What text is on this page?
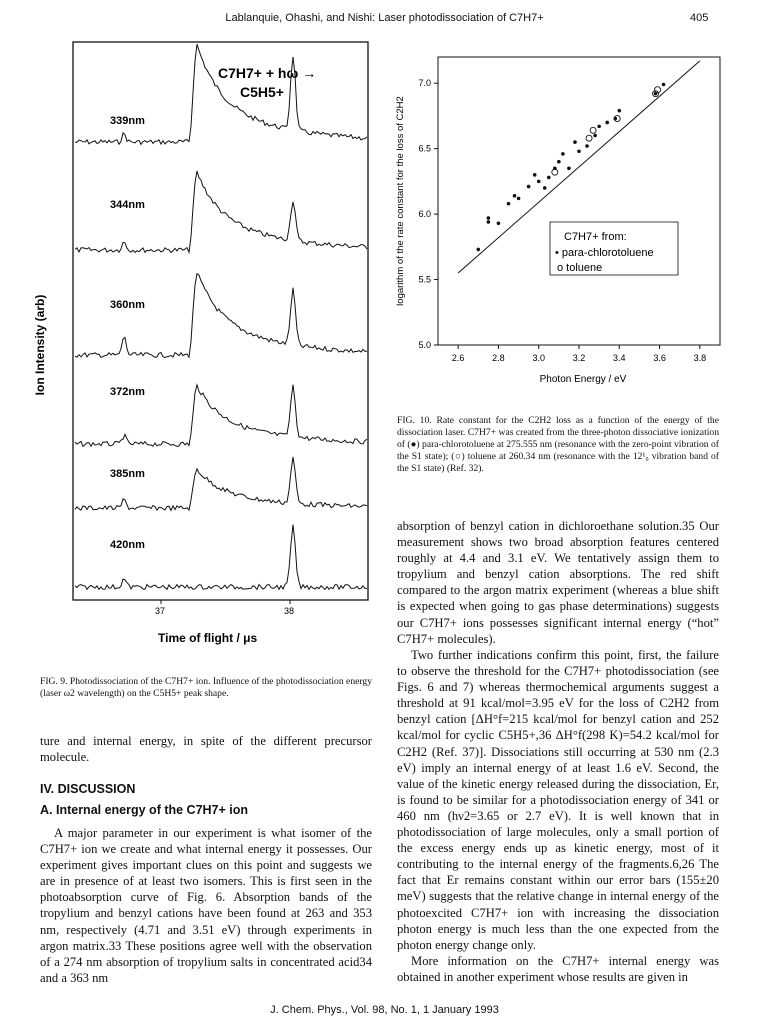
Lablanquie, Ohashi, and Nishi: Laser photodissociation of C7H7+	405
C7H7+ + hω →
C5H5+
339nm
344nm
360nm
372nm
385nm
420nm
37	38
Time of flight / μs
Ion Intensity (arb)

FIG. 9. Photodissociation of the C7H7+ ion. Influence of the photodissociation energy (laser ω2 wavelength) on the C5H5+ peak shape.

ture and internal energy, in spite of the different precursor molecule.

IV. DISCUSSION
A. Internal energy of the C7H7+ ion

A major parameter in our experiment is what isomer of the C7H7+ ion we create and what internal energy it possesses. Our experiment gives important clues on this point and suggests we are in presence of at least two isomers. This is first seen in the photoabsorption curve of Fig. 6. Absorption bands of the tropylium and benzyl cations have been found at 263 and 353 nm, respectively (4.71 and 3.51 eV) through experiments in argon matrix.33 These positions agree well with the observation of a 274 nm absorption of tropylium salts in concentrated acid34 and a 363 nm

5.0
5.5
6.0
6.5
7.0
2.6	2.8	3.0	3.2	3.4	3.6	3.8
C7H7+ from:
• para-chlorotoluene
o toluene
Photon Energy / eV
logarithm of the rate constant for the loss of C2H2

FIG. 10. Rate constant for the C2H2 loss as a function of the energy of the dissociation laser. C7H7+ was created from the three-photon dissociative ionization of (●) para-chlorotoluene at 275.555 nm (resonance with the zero-point vibration of the S1 state); (○) toluene at 260.34 nm (resonance with the 12¹₀ vibration band of the S1 state) (Ref. 32).

absorption of benzyl cation in dichloroethane solution.35 Our measurement shows two broad absorption features centered roughly at 4.4 and 3.1 eV. We tentatively assign them to tropylium and benzyl cation absorptions. The red shift compared to the argon matrix experiment (whereas a blue shift is expected when going to gas phase determinations) suggests our C7H7+ ions possesses significant internal energy (“hot” C7H7+ molecules).

Two further indications confirm this point, first, the failure to observe the threshold for the C7H7+ photodissociation (see Figs. 6 and 7) whereas thermochemical arguments suggest a threshold at 91 kcal/mol=3.95 eV for the loss of C2H2 from benzyl cation [ΔH°f=215 kcal/mol for benzyl cation and 252 kcal/mol for cyclic C5H5+,36 ΔH°f(298 K)=54.2 kcal/mol for C2H2 (Ref. 37)]. Dissociations still occurring at 530 nm (2.3 eV) imply an internal energy of at least 1.6 eV. Second, the value of the kinetic energy released during the dissociation, Er, is found to be similar for a photodissociation energy of 341 or 460 nm (hν2=3.65 or 2.7 eV). It is well known that in photodissociation of large molecules, only a small portion of the excess energy ends up as kinetic energy, most of it contributing to the internal energy of the fragments.6,26 The fact that Er remains constant within our error bars (155±20 meV) suggests that the relative change in internal energy of the photoexcited C7H7+ ion with increasing the dissociation photon energy is much less than the one expected from the photon energy change only.

More information on the C7H7+ internal energy was obtained in another experiment whose results are given in

J. Chem. Phys., Vol. 98, No. 1, 1 January 1993
